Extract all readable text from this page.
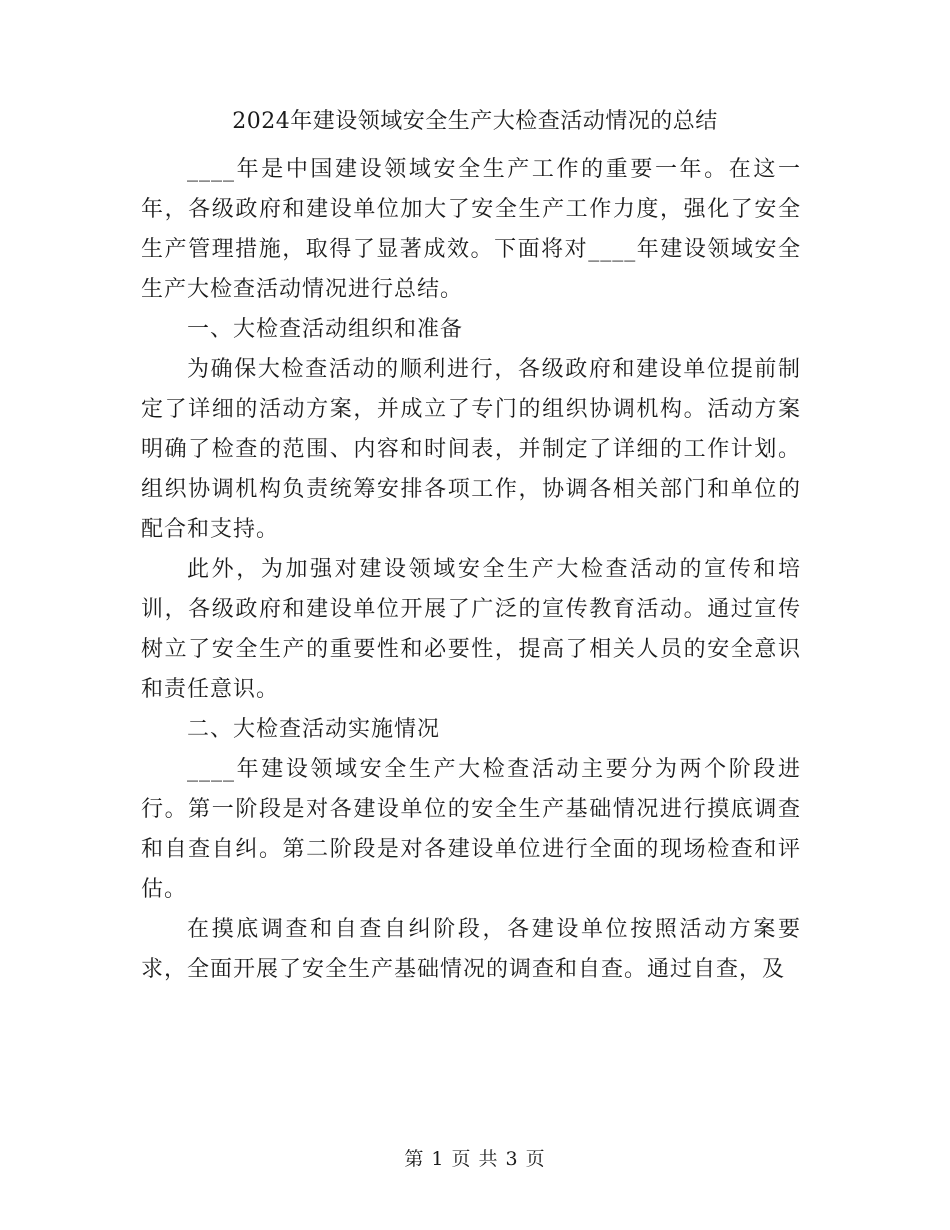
2024年建设领域安全生产大检查活动情况的总结

____年是中国建设领域安全生产工作的重要一年。在这一年，各级政府和建设单位加大了安全生产工作力度，强化了安全生产管理措施，取得了显著成效。下面将对____年建设领域安全生产大检查活动情况进行总结。

一、大检查活动组织和准备

为确保大检查活动的顺利进行，各级政府和建设单位提前制定了详细的活动方案，并成立了专门的组织协调机构。活动方案明确了检查的范围、内容和时间表，并制定了详细的工作计划。组织协调机构负责统筹安排各项工作，协调各相关部门和单位的配合和支持。

此外，为加强对建设领域安全生产大检查活动的宣传和培训，各级政府和建设单位开展了广泛的宣传教育活动。通过宣传树立了安全生产的重要性和必要性，提高了相关人员的安全意识和责任意识。

二、大检查活动实施情况

____年建设领域安全生产大检查活动主要分为两个阶段进行。第一阶段是对各建设单位的安全生产基础情况进行摸底调查和自查自纠。第二阶段是对各建设单位进行全面的现场检查和评估。

在摸底调查和自查自纠阶段，各建设单位按照活动方案要求，全面开展了安全生产基础情况的调查和自查。通过自查，及

第 1 页 共 3 页
